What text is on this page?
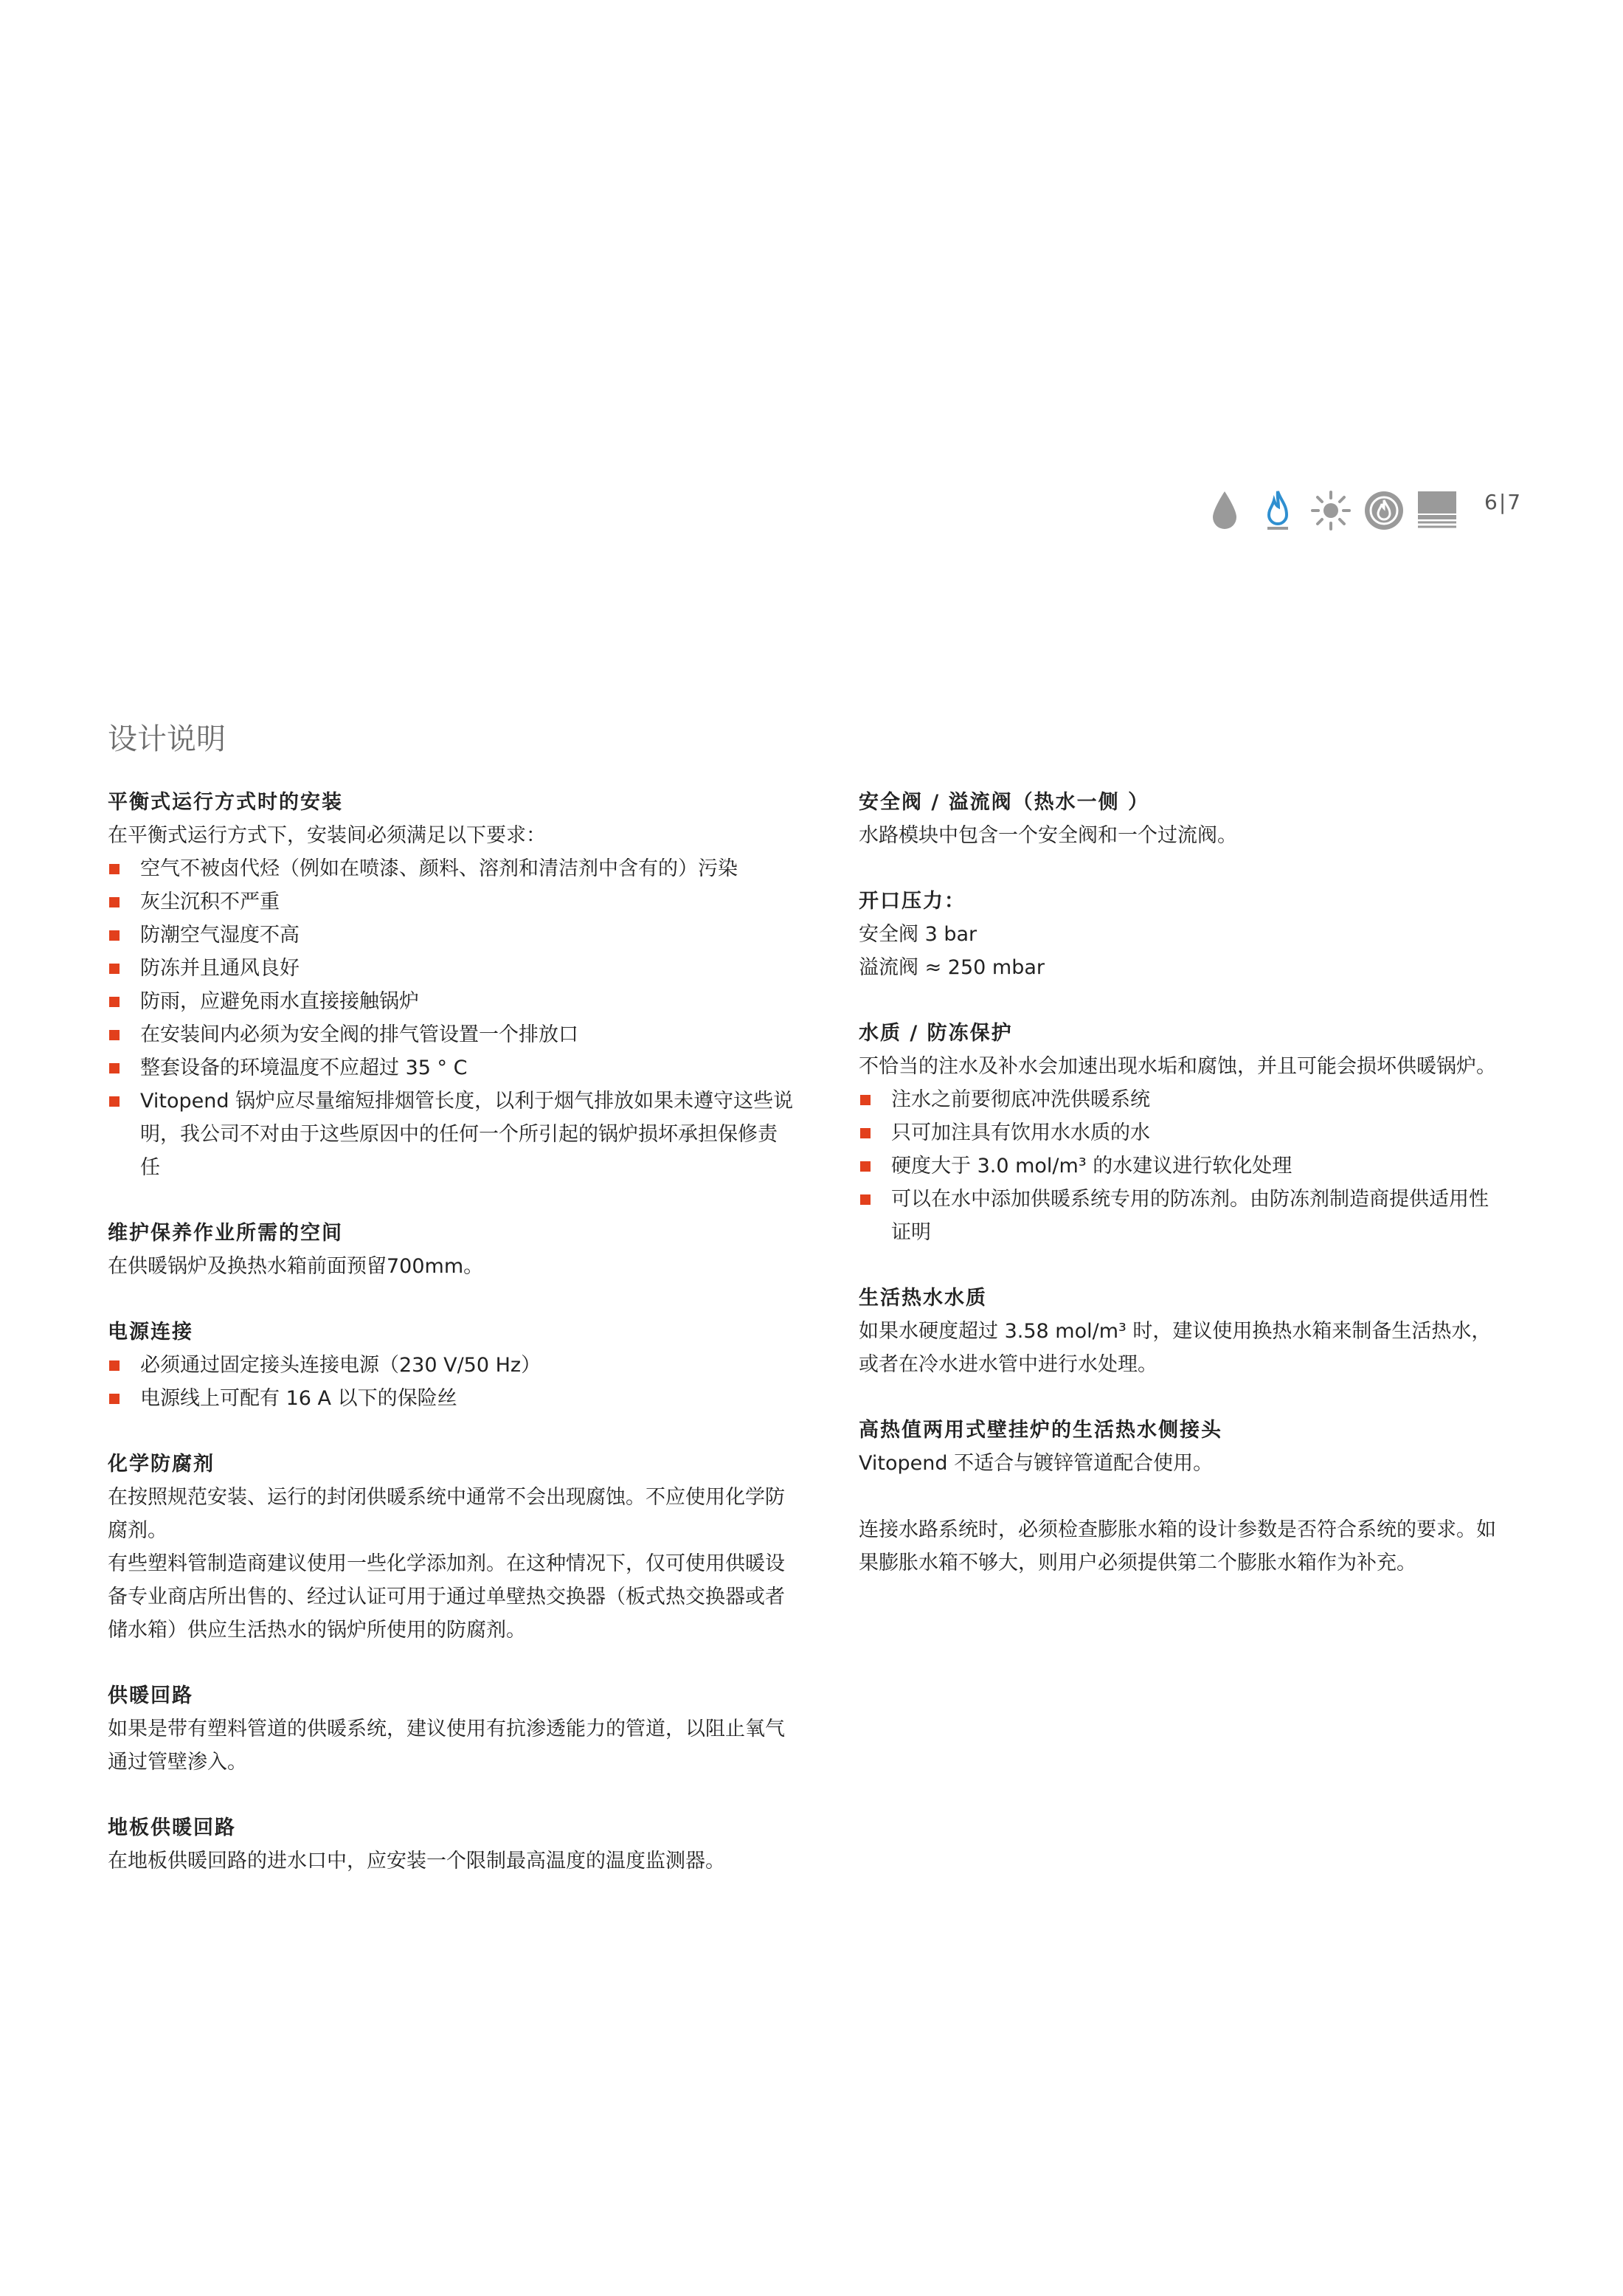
6|7
设计说明
平衡式运行方式时的安装

在平衡式运行方式下，安装间必须满足以下要求：

空气不被卤代烃（例如在喷漆、颜料、溶剂和清洁剂中含有的）污染
灰尘沉积不严重
防潮空气湿度不高
防冻并且通风良好
防雨，应避免雨水直接接触锅炉
在安装间内必须为安全阀的排气管设置一个排放口
整套设备的环境温度不应超过 35 ° C
Vitopend 锅炉应尽量缩短排烟管长度，以利于烟气排放如果未遵守这些说明，我公司不对由于这些原因中的任何一个所引起的锅炉损坏承担保修责任
维护保养作业所需的空间

在供暖锅炉及换热水箱前面预留700mm。

电源连接
必须通过固定接头连接电源（230 V/50 Hz）
电源线上可配有 16 A 以下的保险丝
化学防腐剂

在按照规范安装、运行的封闭供暖系统中通常不会出现腐蚀。不应使用化学防腐剂。

有些塑料管制造商建议使用一些化学添加剂。在这种情况下，仅可使用供暖设备专业商店所出售的、经过认证可用于通过单壁热交换器（板式热交换器或者储水箱）供应生活热水的锅炉所使用的防腐剂。

供暖回路

如果是带有塑料管道的供暖系统，建议使用有抗渗透能力的管道，以阻止氧气通过管壁渗入。

地板供暖回路

在地板供暖回路的进水口中，应安装一个限制最高温度的温度监测器。

安全阀 / 溢流阀（热水一侧 ）

水路模块中包含一个安全阀和一个过流阀。

开口压力：

安全阀 3 bar

溢流阀 ≈ 250 mbar

水质 / 防冻保护

不恰当的注水及补水会加速出现水垢和腐蚀，并且可能会损坏供暖锅炉。

注水之前要彻底冲洗供暖系统
只可加注具有饮用水水质的水
硬度大于 3.0 mol/m³ 的水建议进行软化处理
可以在水中添加供暖系统专用的防冻剂。由防冻剂制造商提供适用性证明
生活热水水质

如果水硬度超过 3.58 mol/m³ 时，建议使用换热水箱来制备生活热水，或者在冷水进水管中进行水处理。

高热值两用式壁挂炉的生活热水侧接头

Vitopend 不适合与镀锌管道配合使用。

连接水路系统时，必须检查膨胀水箱的设计参数是否符合系统的要求。如果膨胀水箱不够大，则用户必须提供第二个膨胀水箱作为补充。
